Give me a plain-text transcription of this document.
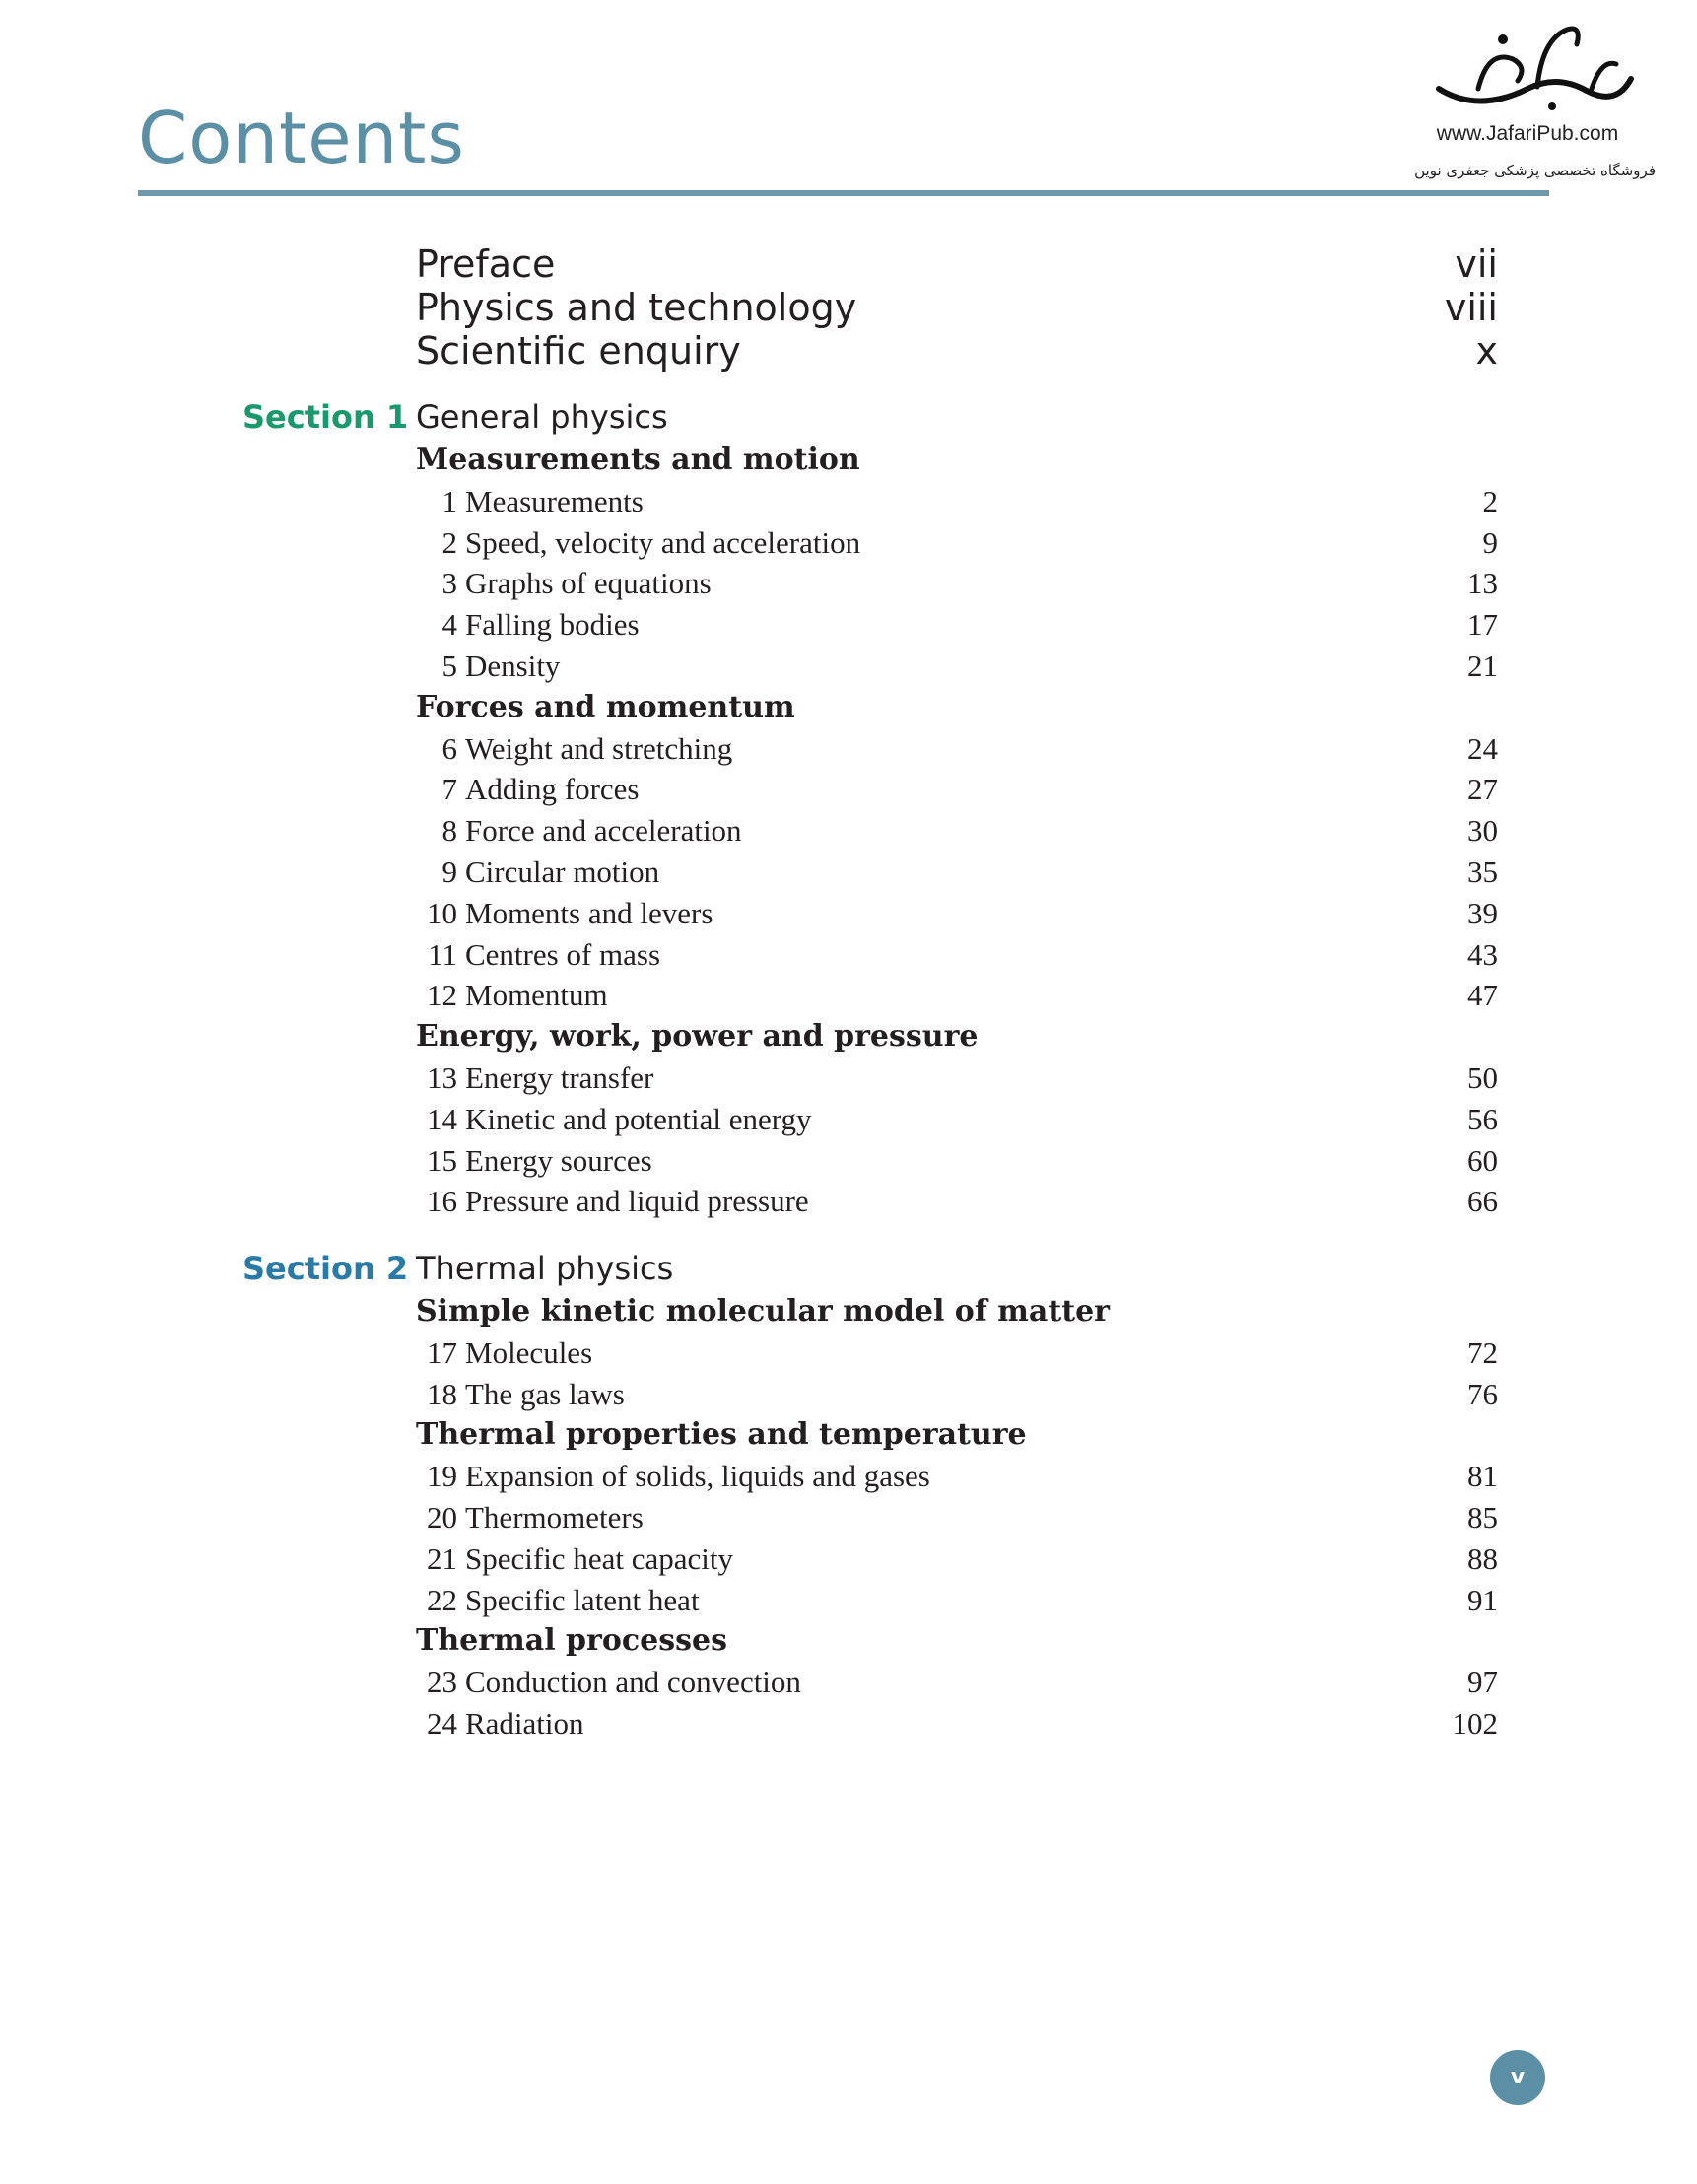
Contents	www.JafariPub.com
فروشگاه تخصصی پزشکی جعفری نوین
Preface	vii
Physics and technology	viii
Scientific enquiry	x
Section 1 General physics
Measurements and motion
1 Measurements	2
2 Speed, velocity and acceleration	9
3 Graphs of equations	13
4 Falling bodies	17
5 Density	21
Forces and momentum
6 Weight and stretching	24
7 Adding forces	27
8 Force and acceleration	30
9 Circular motion	35
10 Moments and levers	39
11 Centres of mass	43
12 Momentum	47
Energy, work, power and pressure
13 Energy transfer	50
14 Kinetic and potential energy	56
15 Energy sources	60
16 Pressure and liquid pressure	66
Section 2 Thermal physics
Simple kinetic molecular model of matter
17 Molecules	72
18 The gas laws	76
Thermal properties and temperature
19 Expansion of solids, liquids and gases	81
20 Thermometers	85
21 Specific heat capacity	88
22 Specific latent heat	91
Thermal processes
23 Conduction and convection	97
24 Radiation	102
v
